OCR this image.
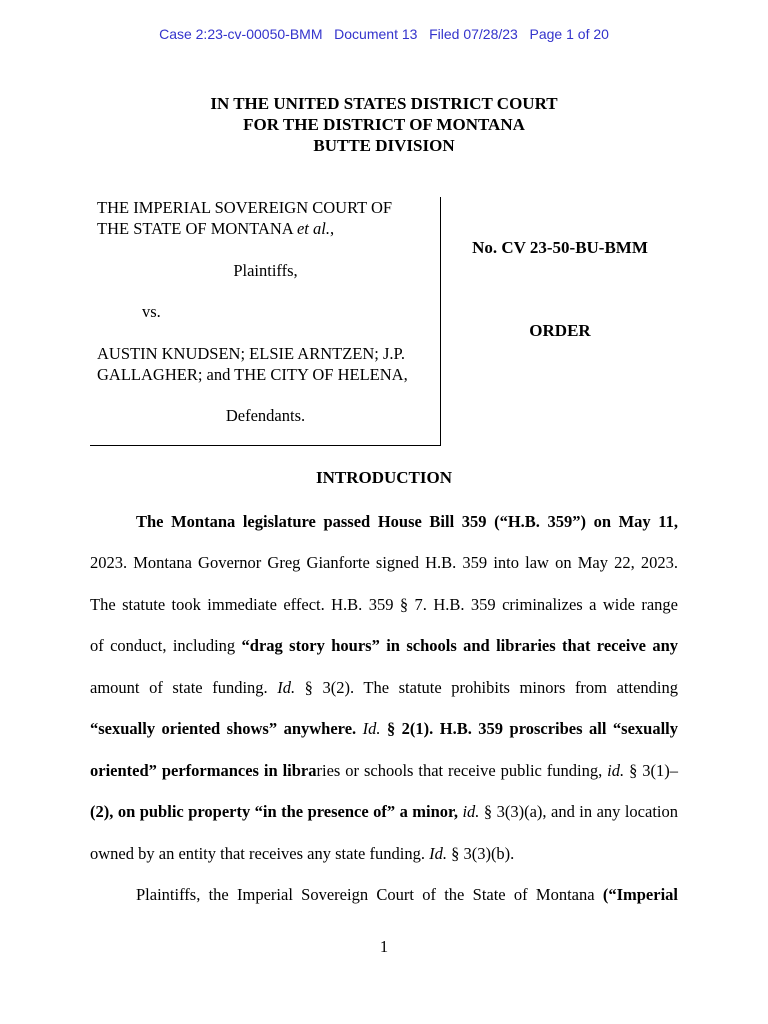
Case 2:23-cv-00050-BMM Document 13 Filed 07/28/23 Page 1 of 20
IN THE UNITED STATES DISTRICT COURT
FOR THE DISTRICT OF MONTANA
BUTTE DIVISION
THE IMPERIAL SOVEREIGN COURT OF
THE STATE OF MONTANA et al.,
Plaintiffs,
vs.
AUSTIN KNUDSEN; ELSIE ARNTZEN; J.P.
GALLAGHER; and THE CITY OF HELENA,
Defendants.
No. CV 23-50-BU-BMM
ORDER
INTRODUCTION
The Montana legislature passed House Bill 359 (“H.B. 359”) on May 11,
2023. Montana Governor Greg Gianforte signed H.B. 359 into law on May 22, 2023.
The statute took immediate effect. H.B. 359 § 7. H.B. 359 criminalizes a wide range
of conduct, including “drag story hours” in schools and libraries that receive any
amount of state funding. Id. § 3(2). The statute prohibits minors from attending
“sexually oriented shows” anywhere. Id. § 2(1). H.B. 359 proscribes all “sexually
oriented” performances in libraries or schools that receive public funding, id. § 3(1)–
(2), on public property “in the presence of” a minor, id. § 3(3)(a), and in any location
owned by an entity that receives any state funding. Id. § 3(3)(b).
Plaintiffs, the Imperial Sovereign Court of the State of Montana (“Imperial
1
